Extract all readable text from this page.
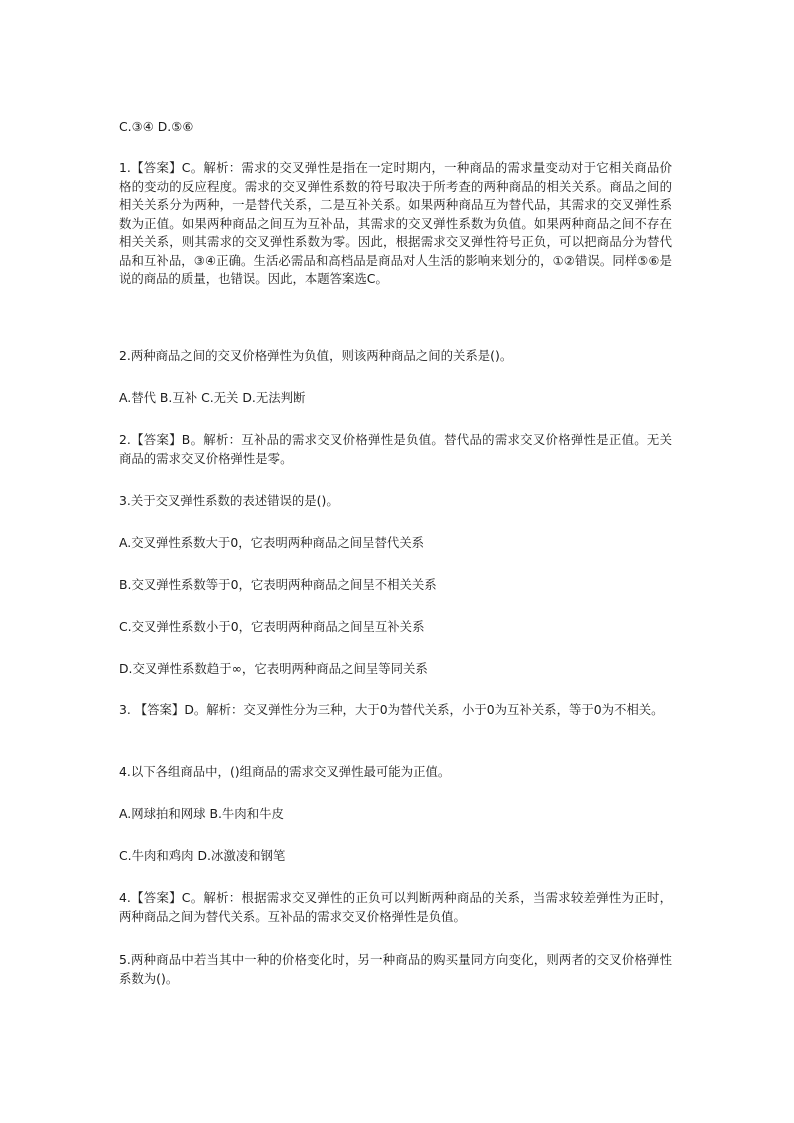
C.③④ D.⑤⑥

1.【答案】C。解析：需求的交叉弹性是指在一定时期内，一种商品的需求量变动对于它相关商品价格的变动的反应程度。需求的交叉弹性系数的符号取决于所考查的两种商品的相关关系。商品之间的相关关系分为两种，一是替代关系，二是互补关系。如果两种商品互为替代品，其需求的交叉弹性系数为正值。如果两种商品之间互为互补品，其需求的交叉弹性系数为负值。如果两种商品之间不存在相关关系，则其需求的交叉弹性系数为零。因此，根据需求交叉弹性符号正负，可以把商品分为替代品和互补品，③④正确。生活必需品和高档品是商品对人生活的影响来划分的，①②错误。同样⑤⑥是说的商品的质量，也错误。因此，本题答案选C。

2.两种商品之间的交叉价格弹性为负值，则该两种商品之间的关系是()。

A.替代 B.互补 C.无关 D.无法判断

2.【答案】B。解析：互补品的需求交叉价格弹性是负值。替代品的需求交叉价格弹性是正值。无关商品的需求交叉价格弹性是零。

3.关于交叉弹性系数的表述错误的是()。

A.交叉弹性系数大于0，它表明两种商品之间呈替代关系

B.交叉弹性系数等于0，它表明两种商品之间呈不相关关系

C.交叉弹性系数小于0，它表明两种商品之间呈互补关系

D.交叉弹性系数趋于∞，它表明两种商品之间呈等同关系

3. 【答案】D。解析：交叉弹性分为三种，大于0为替代关系，小于0为互补关系，等于0为不相关。

4.以下各组商品中，()组商品的需求交叉弹性最可能为正值。

A.网球拍和网球 B.牛肉和牛皮

C.牛肉和鸡肉 D.冰激凌和钢笔

4.【答案】C。解析：根据需求交叉弹性的正负可以判断两种商品的关系，当需求较差弹性为正时，两种商品之间为替代关系。互补品的需求交叉价格弹性是负值。

5.两种商品中若当其中一种的价格变化时，另一种商品的购买量同方向变化，则两者的交叉价格弹性系数为()。
